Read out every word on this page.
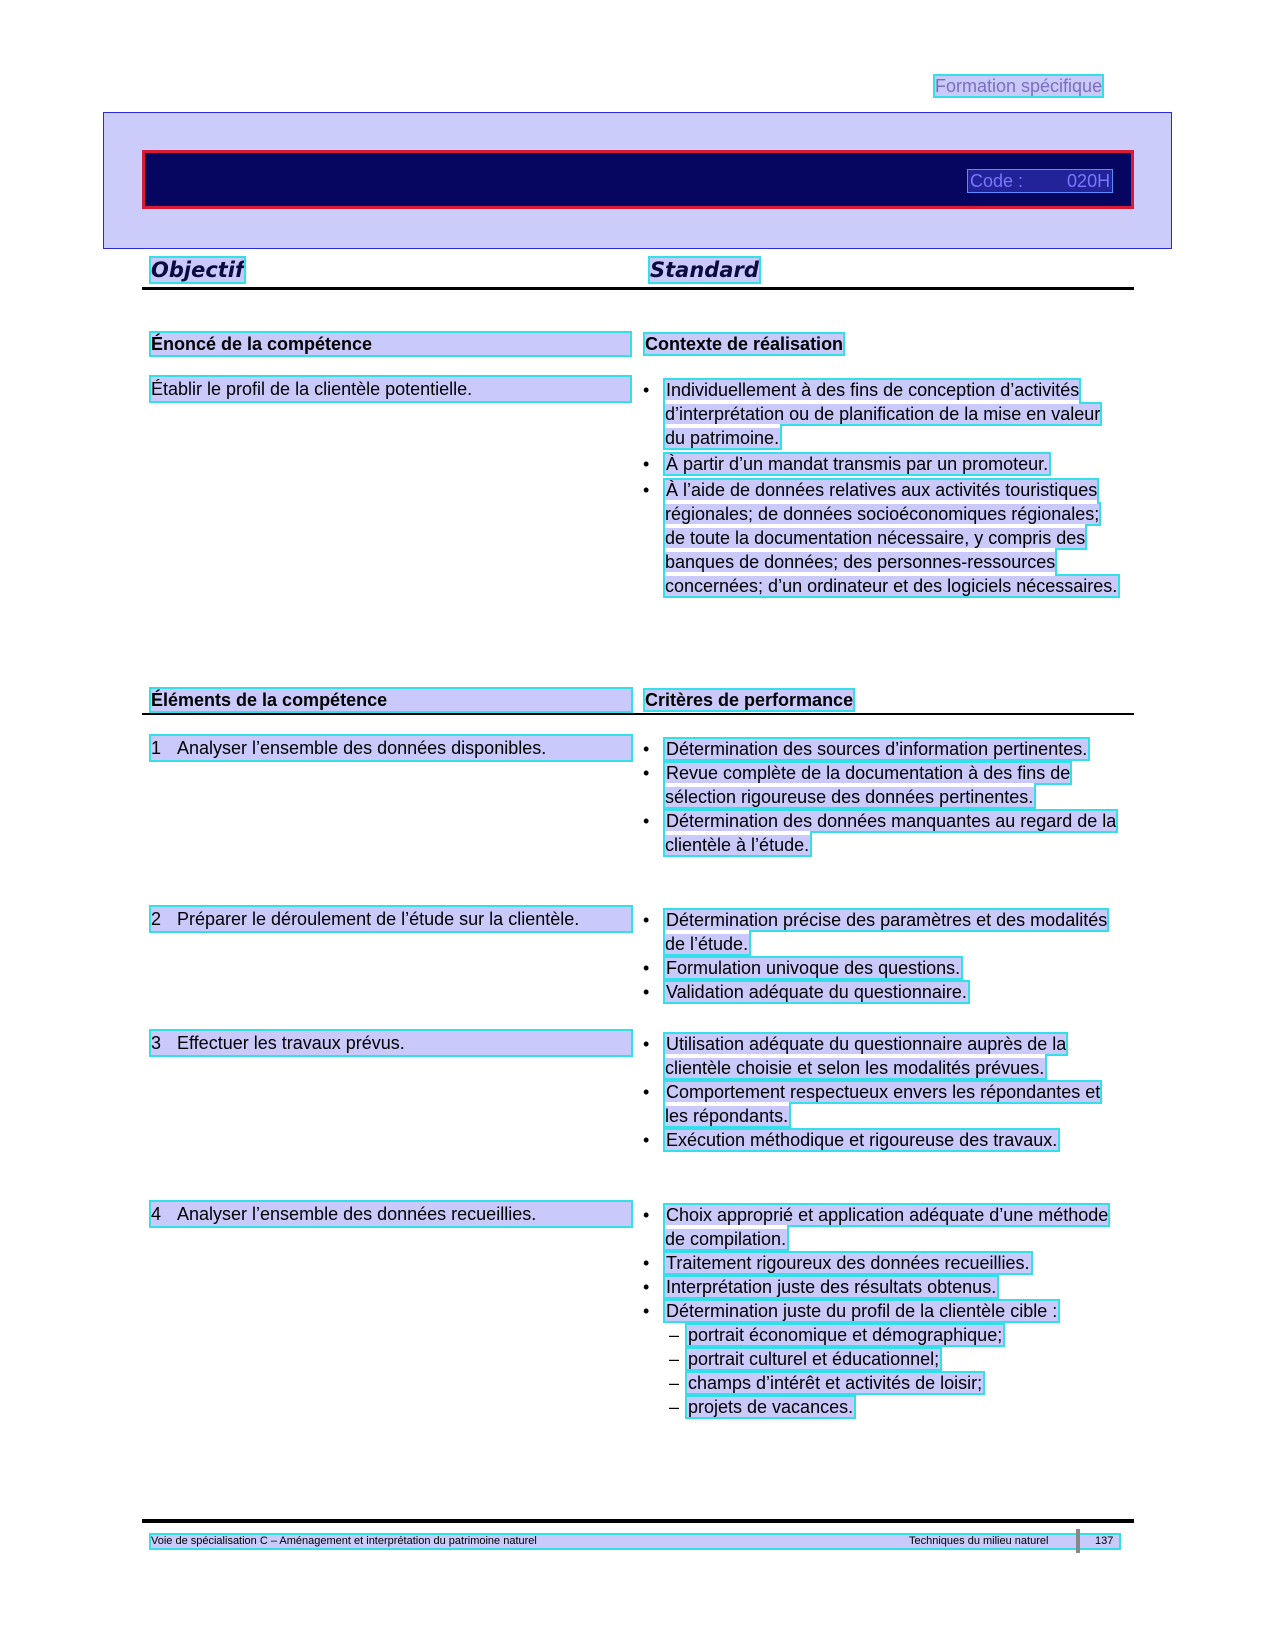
Formation spécifique
Code : 020H
Objectif	Standard
Énoncé de la compétence	Contexte de réalisation
Établir le profil de la clientèle potentielle.	• Individuellement à des fins de conception d’activités d’interprétation ou de planification de la mise en valeur du patrimoine.
• À partir d’un mandat transmis par un promoteur.
• À l’aide de données relatives aux activités touristiques régionales; de données socioéconomiques régionales; de toute la documentation nécessaire, y compris des banques de données; des personnes-ressources concernées; d’un ordinateur et des logiciels nécessaires.
Éléments de la compétence	Critères de performance
1 Analyser l’ensemble des données disponibles.	• Détermination des sources d’information pertinentes.
• Revue complète de la documentation à des fins de sélection rigoureuse des données pertinentes.
• Détermination des données manquantes au regard de la clientèle à l’étude.
2 Préparer le déroulement de l’étude sur la clientèle.	• Détermination précise des paramètres et des modalités de l’étude.
• Formulation univoque des questions.
• Validation adéquate du questionnaire.
3 Effectuer les travaux prévus.	• Utilisation adéquate du questionnaire auprès de la clientèle choisie et selon les modalités prévues.
• Comportement respectueux envers les répondantes et les répondants.
• Exécution méthodique et rigoureuse des travaux.
4 Analyser l’ensemble des données recueillies.	• Choix approprié et application adéquate d’une méthode de compilation.
• Traitement rigoureux des données recueillies.
• Interprétation juste des résultats obtenus.
• Détermination juste du profil de la clientèle cible :
– portrait économique et démographique;
– portrait culturel et éducationnel;
– champs d’intérêt et activités de loisir;
– projets de vacances.
Voie de spécialisation C – Aménagement et interprétation du patrimoine naturel	Techniques du milieu naturel	137
